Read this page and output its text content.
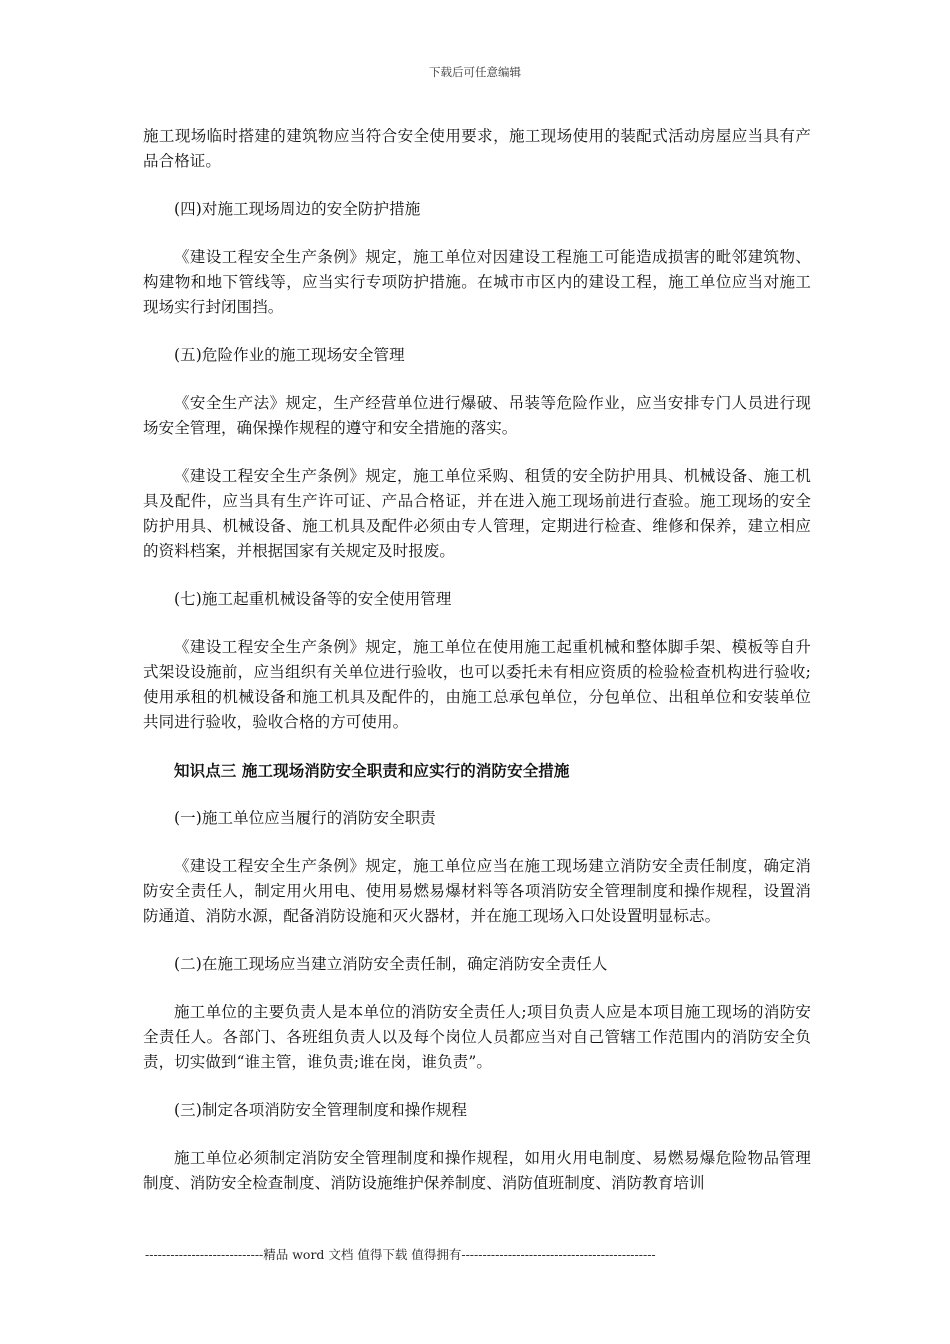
下载后可任意编辑

施工现场临时搭建的建筑物应当符合安全使用要求，施工现场使用的装配式活动房屋应当具有产品合格证。

(四)对施工现场周边的安全防护措施

《建设工程安全生产条例》规定，施工单位对因建设工程施工可能造成损害的毗邻建筑物、构建物和地下管线等，应当实行专项防护措施。在城市市区内的建设工程，施工单位应当对施工现场实行封闭围挡。

(五)危险作业的施工现场安全管理

《安全生产法》规定，生产经营单位进行爆破、吊装等危险作业，应当安排专门人员进行现场安全管理，确保操作规程的遵守和安全措施的落实。

《建设工程安全生产条例》规定，施工单位采购、租赁的安全防护用具、机械设备、施工机具及配件，应当具有生产许可证、产品合格证，并在进入施工现场前进行查验。施工现场的安全防护用具、机械设备、施工机具及配件必须由专人管理，定期进行检查、维修和保养，建立相应的资料档案，并根据国家有关规定及时报废。

(七)施工起重机械设备等的安全使用管理

《建设工程安全生产条例》规定，施工单位在使用施工起重机械和整体脚手架、模板等自升式架设设施前，应当组织有关单位进行验收，也可以委托未有相应资质的检验检查机构进行验收;使用承租的机械设备和施工机具及配件的，由施工总承包单位，分包单位、出租单位和安装单位共同进行验收，验收合格的方可使用。

知识点三 施工现场消防安全职责和应实行的消防安全措施

(一)施工单位应当履行的消防安全职责

《建设工程安全生产条例》规定，施工单位应当在施工现场建立消防安全责任制度，确定消防安全责任人，制定用火用电、使用易燃易爆材料等各项消防安全管理制度和操作规程，设置消防通道、消防水源，配备消防设施和灭火器材，并在施工现场入口处设置明显标志。

(二)在施工现场应当建立消防安全责任制，确定消防安全责任人

施工单位的主要负责人是本单位的消防安全责任人;项目负责人应是本项目施工现场的消防安全责任人。各部门、各班组负责人以及每个岗位人员都应当对自己管辖工作范围内的消防安全负责，切实做到“谁主管，谁负责;谁在岗，谁负责”。

(三)制定各项消防安全管理制度和操作规程

施工单位必须制定消防安全管理制度和操作规程，如用火用电制度、易燃易爆危险物品管理制度、消防安全检查制度、消防设施维护保养制度、消防值班制度、消防教育培训

----------------------------精品 word 文档 值得下载 值得拥有----------------------------------------------
